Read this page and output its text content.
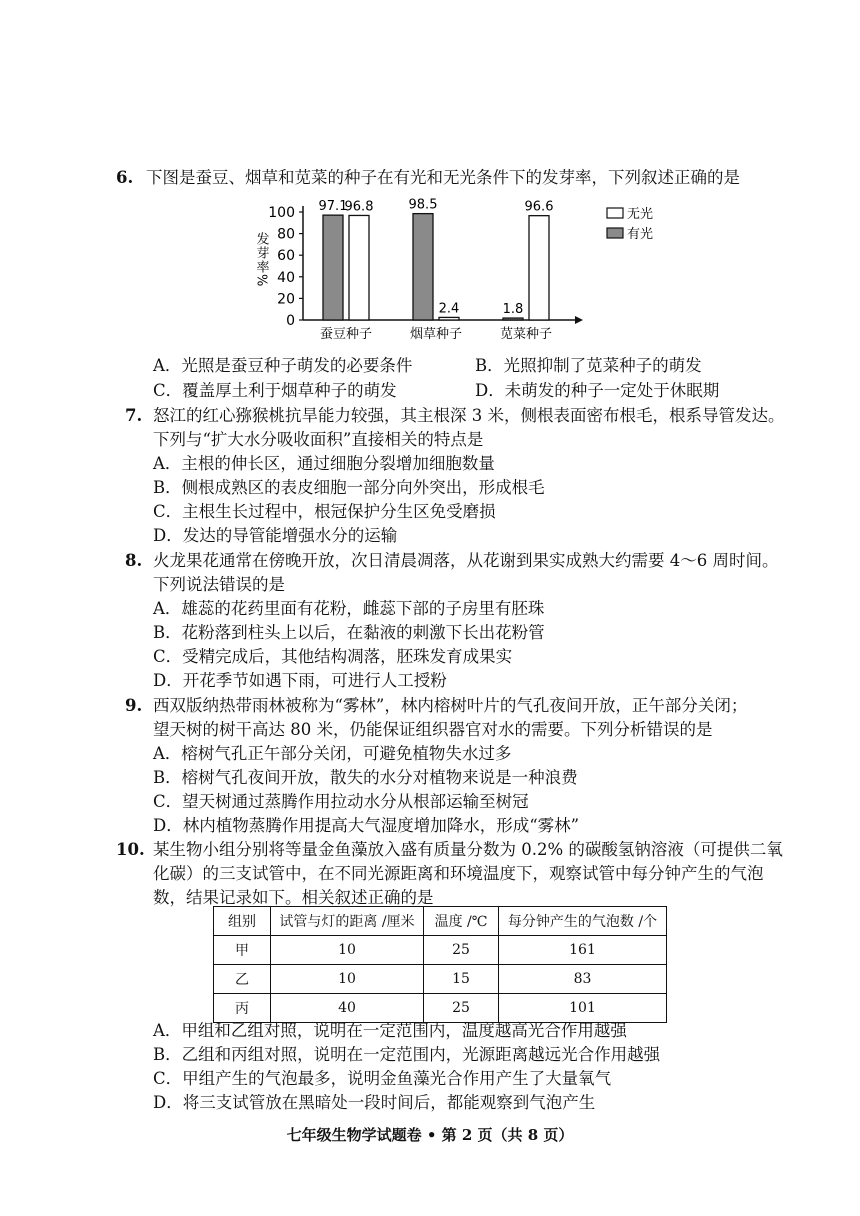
6. 下图是蚕豆、烟草和苋菜的种子在有光和无光条件下的发芽率，下列叙述正确的是
0
20
40
60
80
100
发芽率%
97.1
96.8
蚕豆种子
98.5
2.4
烟草种子
1.8
96.6
苋菜种子
无光
有光
A．光照是蚕豆种子萌发的必要条件	B．光照抑制了苋菜种子的萌发
C．覆盖厚土利于烟草种子的萌发	D．未萌发的种子一定处于休眠期
7. 怒江的红心猕猴桃抗旱能力较强，其主根深 3 米，侧根表面密布根毛，根系导管发达。
下列与“扩大水分吸收面积”直接相关的特点是
A．主根的伸长区，通过细胞分裂增加细胞数量
B．侧根成熟区的表皮细胞一部分向外突出，形成根毛
C．主根生长过程中，根冠保护分生区免受磨损
D．发达的导管能增强水分的运输
8. 火龙果花通常在傍晚开放，次日清晨凋落，从花谢到果实成熟大约需要 4～6 周时间。
下列说法错误的是
A．雄蕊的花药里面有花粉，雌蕊下部的子房里有胚珠
B．花粉落到柱头上以后，在黏液的刺激下长出花粉管
C．受精完成后，其他结构凋落，胚珠发育成果实
D．开花季节如遇下雨，可进行人工授粉
9. 西双版纳热带雨林被称为“雾林”，林内榕树叶片的气孔夜间开放，正午部分关闭；
望天树的树干高达 80 米，仍能保证组织器官对水的需要。下列分析错误的是
A．榕树气孔正午部分关闭，可避免植物失水过多
B．榕树气孔夜间开放，散失的水分对植物来说是一种浪费
C．望天树通过蒸腾作用拉动水分从根部运输至树冠
D．林内植物蒸腾作用提高大气湿度增加降水，形成“雾林”
10. 某生物小组分别将等量金鱼藻放入盛有质量分数为 0.2% 的碳酸氢钠溶液（可提供二氧
化碳）的三支试管中，在不同光源距离和环境温度下，观察试管中每分钟产生的气泡
数，结果记录如下。相关叙述正确的是
组别	试管与灯的距离 /厘米	温度 /℃	每分钟产生的气泡数 /个
甲	10	25	161
乙	10	15	83
丙	40	25	101
A．甲组和乙组对照，说明在一定范围内，温度越高光合作用越强
B．乙组和丙组对照，说明在一定范围内，光源距离越远光合作用越强
C．甲组产生的气泡最多，说明金鱼藻光合作用产生了大量氧气
D．将三支试管放在黑暗处一段时间后，都能观察到气泡产生
七年级生物学试题卷 • 第 2 页（共 8 页）
